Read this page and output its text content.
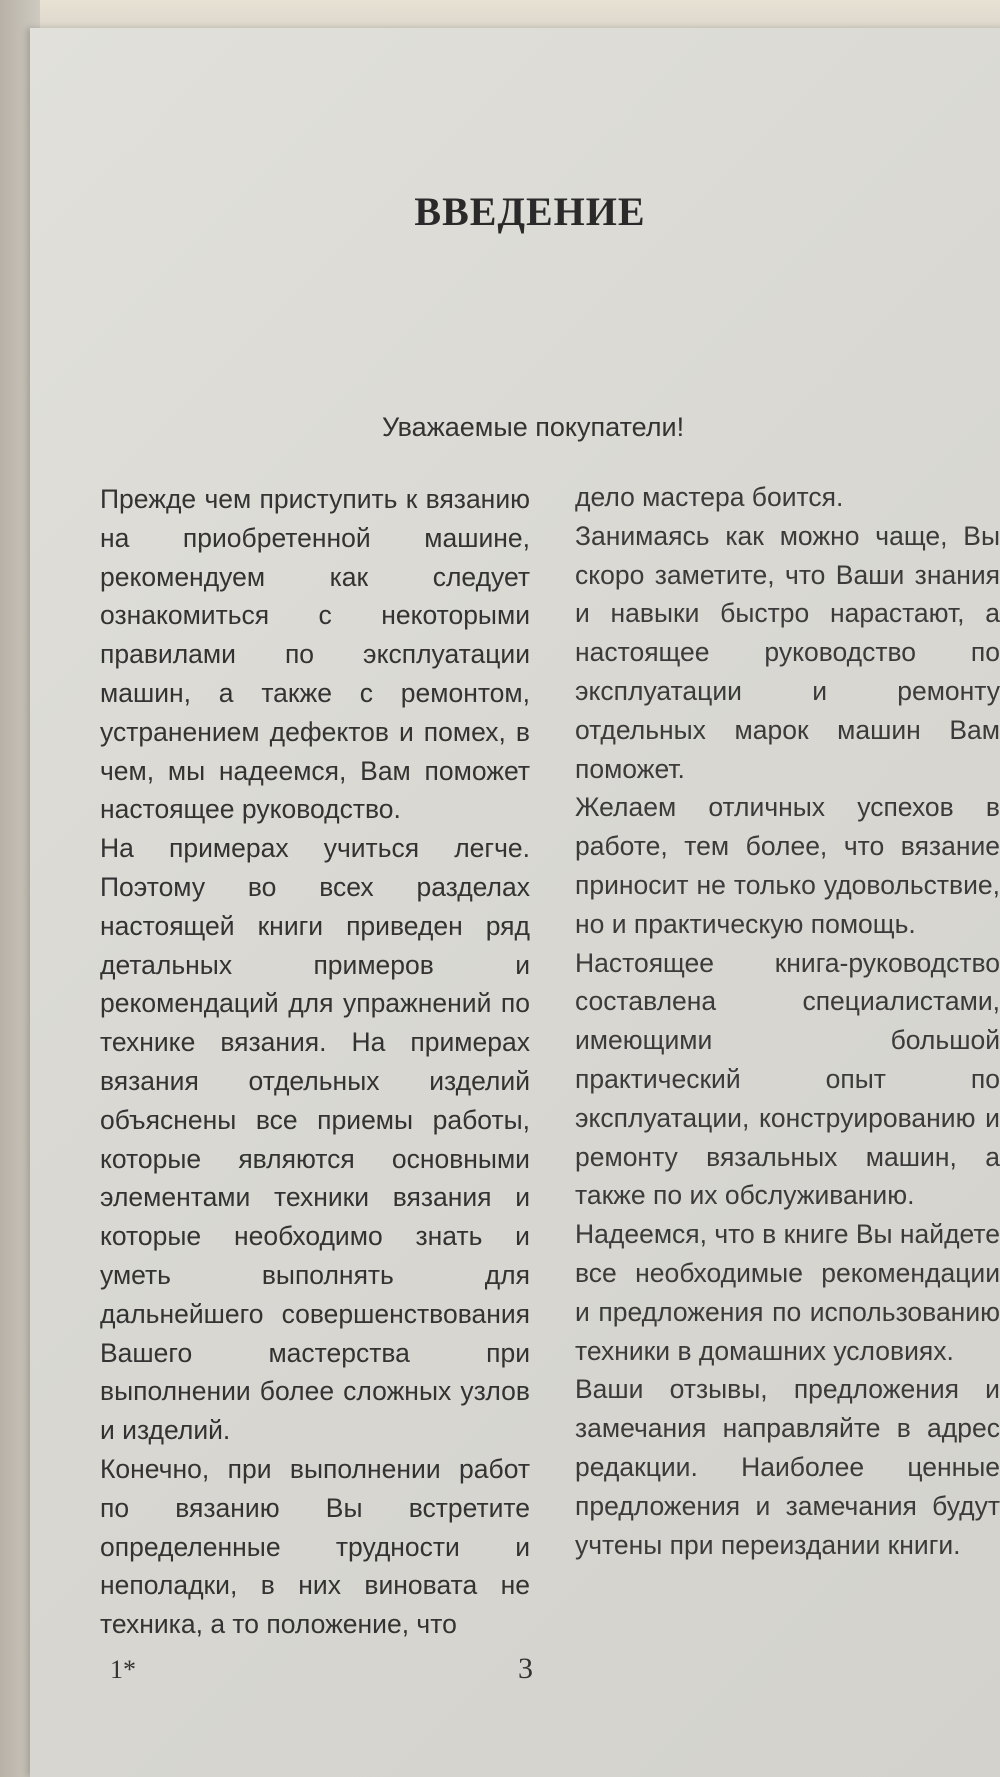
ВВЕДЕНИЕ
Уважаемые покупатели!

Прежде чем приступить к вязанию на приобретенной машине, рекомендуем как следует ознакомиться с некоторыми правилами по эксплуатации машин, а также с ремонтом, устранением дефектов и помех, в чем, мы надеемся, Вам поможет настоящее руководство.

На примерах учиться легче. Поэтому во всех разделах настоящей книги приведен ряд детальных примеров и рекомендаций для упражнений по технике вязания. На примерах вязания отдельных изделий объяснены все приемы работы, которые являются основными элементами техники вязания и которые необходимо знать и уметь выполнять для дальнейшего совершенствования Вашего мастерства при выполнении более сложных узлов и изделий.

Конечно, при выполнении работ по вязанию Вы встретите определенные трудности и неполадки, в них виновата не техника, а то положение, что

дело мастера боится.

Занимаясь как можно чаще, Вы скоро заметите, что Ваши знания и навыки быстро нарастают, а настоящее руководство по эксплуатации и ремонту отдельных марок машин Вам поможет.

Желаем отличных успехов в работе, тем более, что вязание приносит не только удовольствие, но и практическую помощь.

Настоящее книга-руководство составлена специалистами, имеющими большой практический опыт по эксплуатации, конструированию и ремонту вязальных машин, а также по их обслуживанию.

Надеемся, что в книге Вы найдете все необходимые рекомендации и предложения по использованию техники в домашних условиях.

Ваши отзывы, предложения и замечания направляйте в адрес редакции. Наиболее ценные предложения и замечания будут учтены при переиздании книги.

1*	3
